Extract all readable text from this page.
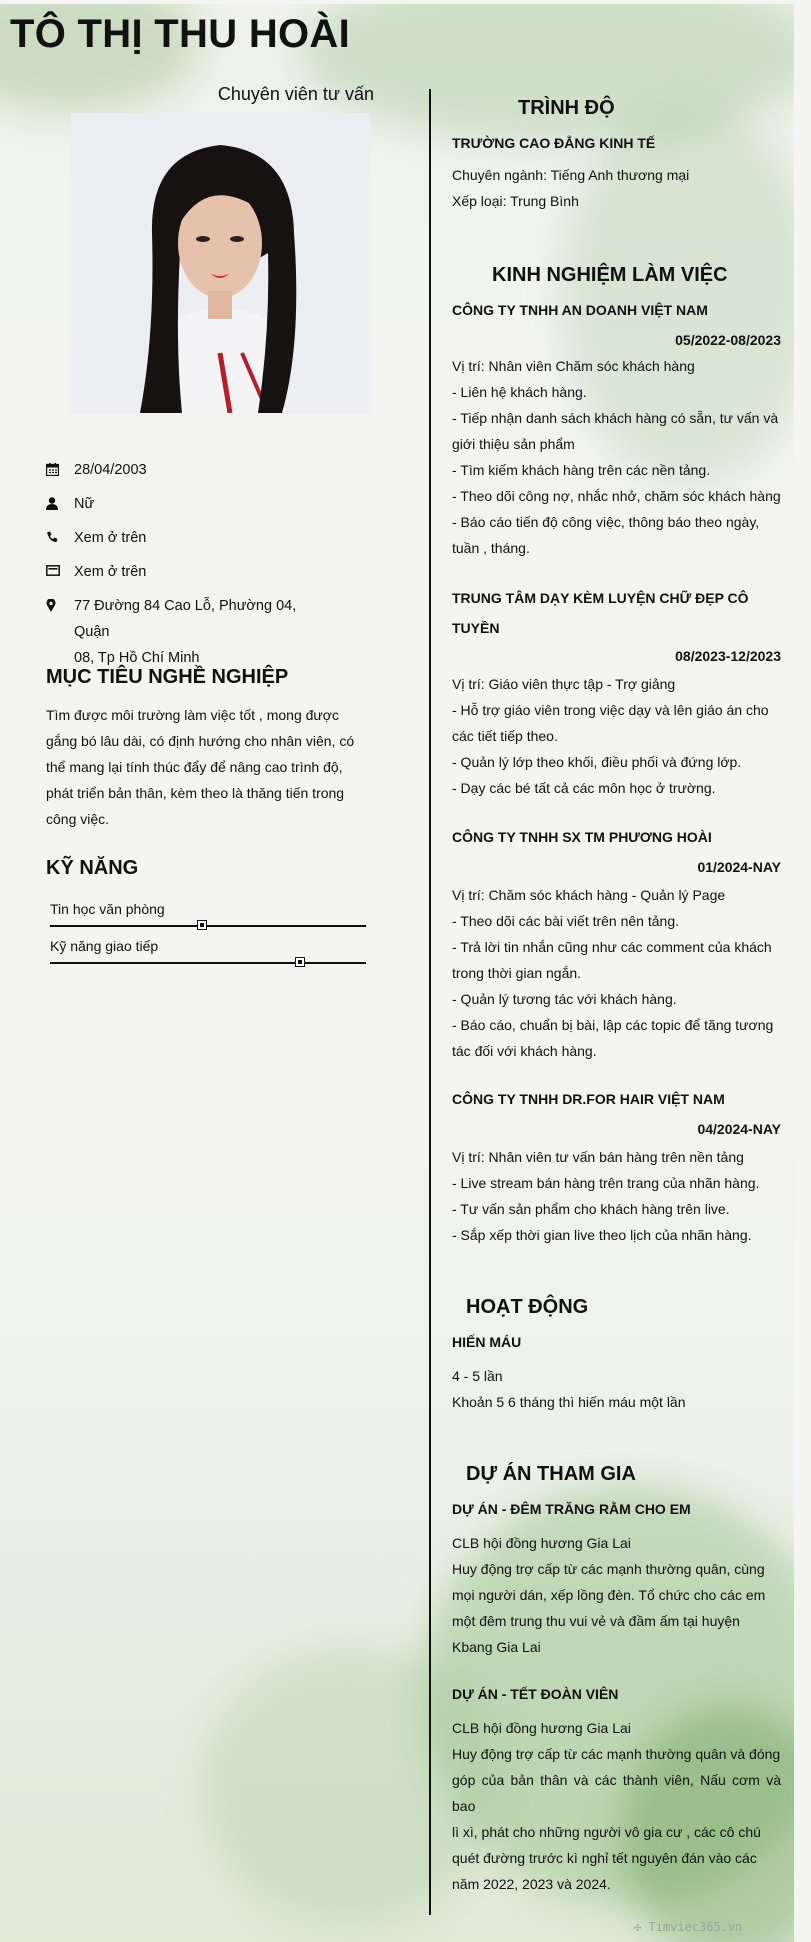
TÔ THỊ THU HOÀI
Chuyên viên tư vấn
28/04/2003
Nữ
Xem ở trên
Xem ở trên
77 Đường 84 Cao Lỗ, Phường 04, Quận
08, Tp Hồ Chí Minh
MỤC TIÊU NGHỀ NGHIỆP
Tìm được môi trường làm việc tốt , mong được
gắng bó lâu dài, có định hướng cho nhân viên, có
thể mang lại tính thúc đẩy để nâng cao trình độ,
phát triển bản thân, kèm theo là thăng tiến trong
công việc.
KỸ NĂNG
Tin học văn phòng
Kỹ năng giao tiếp
TRÌNH ĐỘ
TRƯỜNG CAO ĐẲNG KINH TẾ
Chuyên ngành: Tiếng Anh thương mại
Xếp loại: Trung Bình
KINH NGHIỆM LÀM VIỆC
CÔNG TY TNHH AN DOANH VIỆT NAM
05/2022-08/2023
Vị trí: Nhân viên Chăm sóc khách hàng
- Liên hệ khách hàng.
- Tiếp nhận danh sách khách hàng có sẵn, tư vấn và
giới thiệu sản phẩm
- Tìm kiếm khách hàng trên các nền tảng.
- Theo dõi công nợ, nhắc nhở, chăm sóc khách hàng
- Báo cáo tiến độ công việc, thông báo theo ngày,
tuần , tháng.
TRUNG TÂM DẠY KÈM LUYỆN CHỮ ĐẸP CÔ
TUYỀN
08/2023-12/2023
Vị trí: Giáo viên thực tập - Trợ giảng
- Hỗ trợ giáo viên trong việc dạy và lên giáo án cho
các tiết tiếp theo.
- Quản lý lớp theo khối, điều phối và đứng lớp.
- Dạy các bé tất cả các môn học ở trường.
CÔNG TY TNHH SX TM PHƯƠNG HOÀI
01/2024-NAY
Vị trí: Chăm sóc khách hàng - Quản lý Page
- Theo dõi các bài viết trên nên tảng.
- Trả lời tin nhắn cũng như các comment của khách
trong thời gian ngắn.
- Quản lý tương tác với khách hàng.
- Báo cáo, chuẩn bị bài, lập các topic để tăng tương
tác đối với khách hàng.
CÔNG TY TNHH DR.FOR HAIR VIỆT NAM
04/2024-NAY
Vị trí: Nhân viên tư vấn bán hàng trên nền tảng
- Live stream bán hàng trên trang của nhãn hàng.
- Tư vấn sản phẩm cho khách hàng trên live.
- Sắp xếp thời gian live theo lịch của nhãn hàng.
HOẠT ĐỘNG
HIẾN MÁU
4 - 5 lần
Khoản 5 6 tháng thì hiến máu một lần
DỰ ÁN THAM GIA
DỰ ÁN - ĐÊM TRĂNG RẰM CHO EM
CLB hội đồng hương Gia Lai
Huy động trợ cấp từ các mạnh thường quân, cùng
mọi người dán, xếp lồng đèn. Tổ chức cho các em
một đêm trung thu vui vẻ và đầm ấm tại huyện
Kbang Gia Lai
DỰ ÁN - TẾT ĐOÀN VIÊN
CLB hội đồng hương Gia Lai
Huy động trợ cấp từ các mạnh thường quân và đóng
góp của bản thân và các thành viên, Nấu cơm và bao
lì xì, phát cho những người vô gia cư , các cô chú
quét đường trước kì nghỉ tết nguyên đán vào các
năm 2022, 2023 và 2024.
✣ Timviec365.vn
